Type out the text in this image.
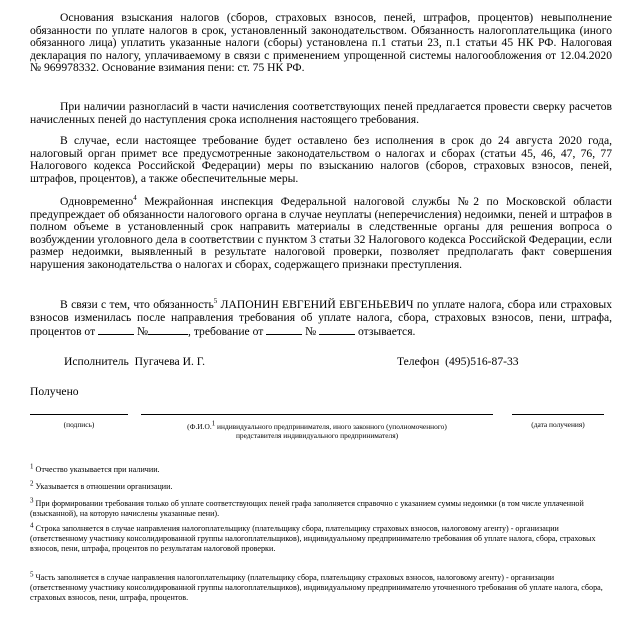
Основания взыскания налогов (сборов, страховых взносов, пеней, штрафов, процентов) невыполнение обязанности по уплате налогов в срок, установленный законодательством. Обязанность налогоплательщика (иного обязанного лица) уплатить указанные налоги (сборы) установлена п.1 статьи 23, п.1 статьи 45 НК РФ. Налоговая декларация по налогу, уплачиваемому в связи с применением упрощенной системы налогообложения от 12.04.2020 № 969978332. Основание взимания пени: ст. 75 НК РФ.

При наличии разногласий в части начисления соответствующих пеней предлагается провести сверку расчетов начисленных пеней до наступления срока исполнения настоящего требования.

В случае, если настоящее требование будет оставлено без исполнения в срок до 24 августа 2020 года, налоговый орган примет все предусмотренные законодательством о налогах и сборах (статьи 45, 46, 47, 76, 77 Налогового кодекса Российской Федерации) меры по взысканию налогов (сборов, страховых взносов, пеней, штрафов, процентов), а также обеспечительные меры.

Одновременно$^4$ Межрайонная инспекция Федеральной налоговой службы №2 по Московской области предупреждает об обязанности налогового органа в случае неуплаты (неперечисления) недоимки, пеней и штрафов в полном объеме в установленный срок направить материалы в следственные органы для решения вопроса о возбуждении уголовного дела в соответствии с пунктом 3 статьи 32 Налогового кодекса Российской Федерации, если размер недоимки, выявленный в результате налоговой проверки, позволяет предполагать факт совершения нарушения законодательства о налогах и сборах, содержащего признаки преступления.

В связи с тем, что обязанность$^5$ ЛАПОНИН ЕВГЕНИЙ ЕВГЕНЬЕВИЧ по уплате налога, сбора или страховых взносов изменилась после направления требования об уплате налога, сбора, страховых взносов, пени, штрафа, процентов от	№	, требование от	№	отзывается.

Исполнитель Пугачева И. Г.	Телефон (495)516-87-33
Получено
(подпись)	(Ф.И.О.$^1$ индивидуального предпринимателя, иного законного (уполномоченного)
представителя индивидуального предпринимателя)
(дата получения)

$^1$ Отчество указывается при наличии.

$^2$ Указывается в отношении организации.

$^3$ При формировании требования только об уплате соответствующих пеней графа заполняется справочно с указанием суммы недоимки (в том числе уплаченной (взысканной), на которую начислены указанные пени).

$^4$ Строка заполняется в случае направления налогоплательщику (плательщику сбора, плательщику страховых взносов, налоговому агенту) - организации (ответственному участнику консолидированной группы налогоплательщиков), индивидуальному предпринимателю требования об уплате налога, сбора, страховых взносов, пени, штрафа, процентов по результатам налоговой проверки.

$^5$ Часть заполняется в случае направления налогоплательщику (плательщику сбора, плательщику страховых взносов, налоговому агенту) - организации (ответственному участнику консолидированной группы налогоплательщиков), индивидуальному предпринимателю уточненного требования об уплате налога, сбора, страховых взносов, пени, штрафа, процентов.
